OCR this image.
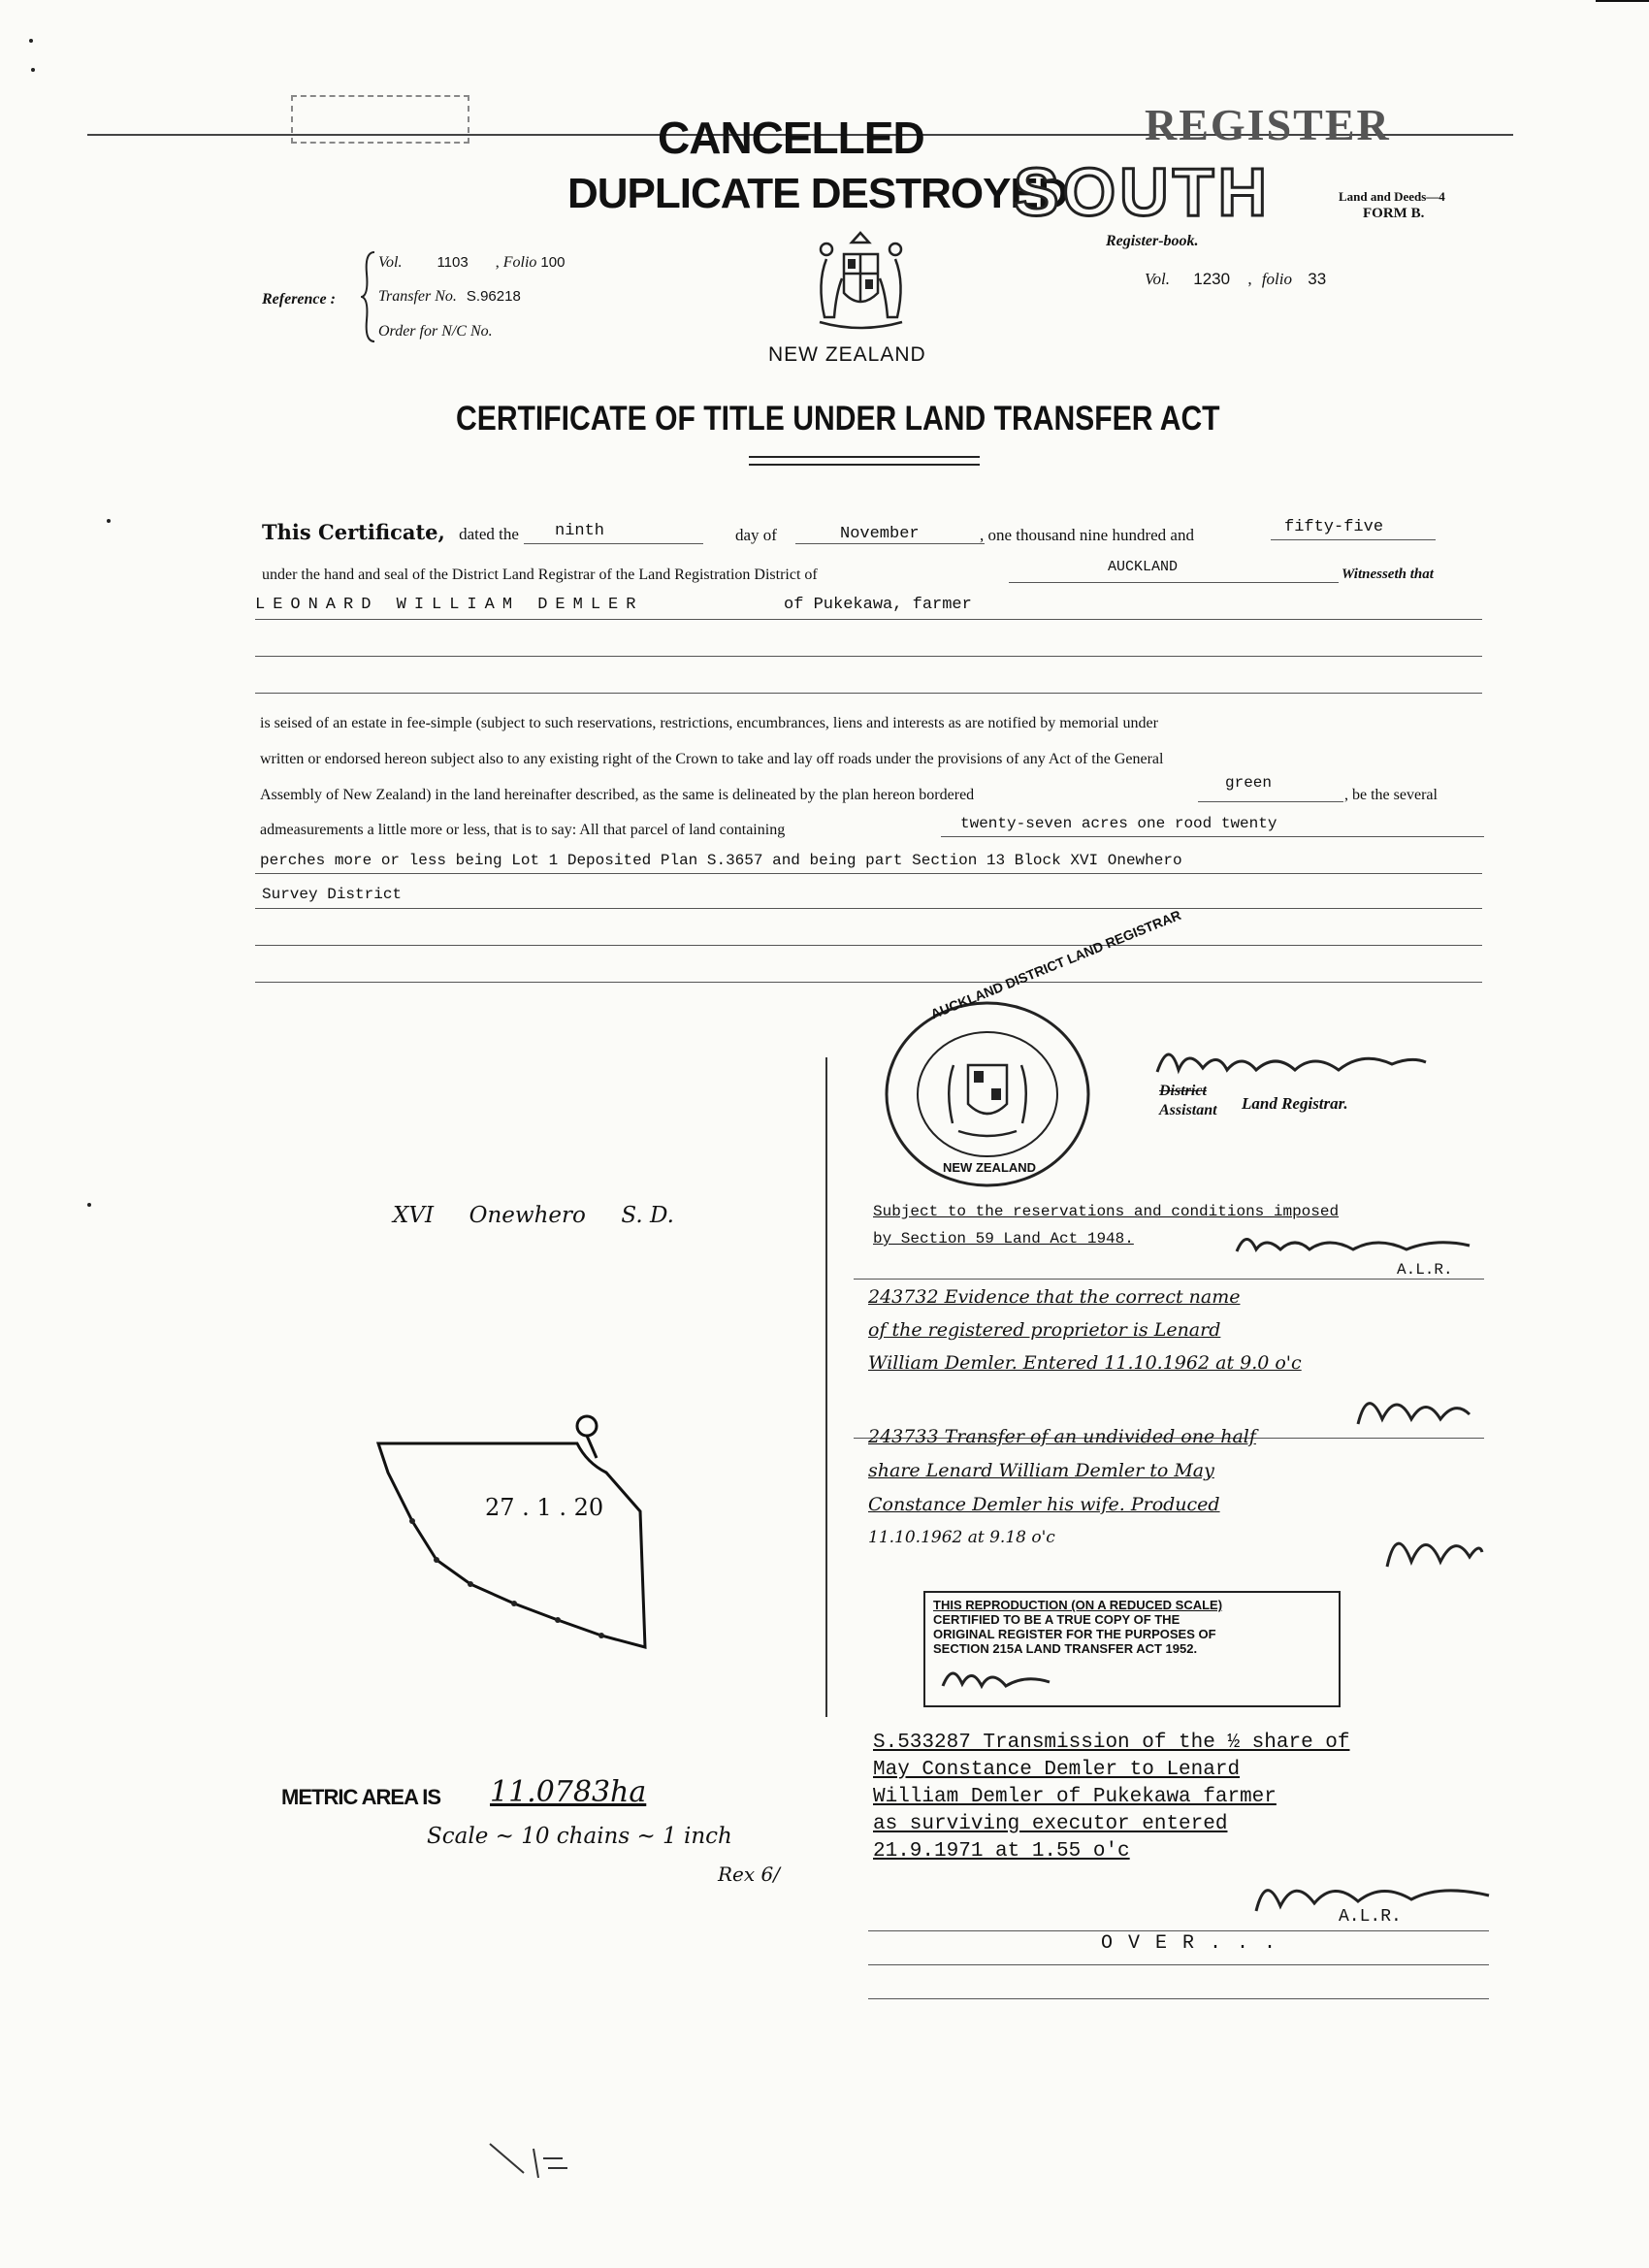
CANCELLED
DUPLICATE DESTROYED
REGISTER
SOUTH	Land and Deeds—4
FORM B.
Register-book.
Vol. 1230 , folio 33
NEW ZEALAND
Reference :
Vol. 1103 , Folio 100
Transfer No. S.96218
Order for N/C No.
CERTIFICATE OF TITLE UNDER LAND TRANSFER ACT
This Certificate, dated the ninth	day of	November	, one thousand nine hundred and	fifty-five
under the hand and seal of the District Land Registrar of the Land Registration District of	AUCKLAND	Witnesseth that
LEONARD WILLIAM DEMLER	of Pukekawa, farmer
is seised of an estate in fee-simple (subject to such reservations, restrictions, encumbrances, liens and interests as are notified by memorial under
written or endorsed hereon subject also to any existing right of the Crown to take and lay off roads under the provisions of any Act of the General
Assembly of New Zealand) in the land hereinafter described, as the same is delineated by the plan hereon bordered
green
, be the several
admeasurements a little more or less, that is to say: All that parcel of land containing	twenty-seven acres one rood twenty
perches more or less being Lot 1 Deposited Plan S.3657 and being part Section 13 Block XVI Onewhero
Survey District
AUCKLAND DISTRICT LAND REGISTRAR
NEW ZEALAND
District
Assistant Land Registrar.
XVI     Onewhero     S. D.
27 . 1 . 20
METRIC AREA IS 11.0783ha
Scale ~ 10 chains ~ 1 inch
Rex 6/
Subject to the reservations and conditions imposed
by Section 59 Land Act 1948.
A.L.R.
243732 Evidence that the correct name
of the registered proprietor is Lenard
William Demler. Entered 11.10.1962 at 9.0 o'c
243733 Transfer of an undivided one half
share Lenard William Demler to May
Constance Demler his wife. Produced
11.10.1962 at 9.18 o'c
THIS REPRODUCTION (ON A REDUCED SCALE)
CERTIFIED TO BE A TRUE COPY OF THE
ORIGINAL REGISTER FOR THE PURPOSES OF
SECTION 215A LAND TRANSFER ACT 1952.
S.533287 Transmission of the ½ share of
May Constance Demler to Lenard
William Demler of Pukekawa farmer
as surviving executor entered
21.9.1971 at 1.55 o'c
A.L.R.
O V E R . . .
